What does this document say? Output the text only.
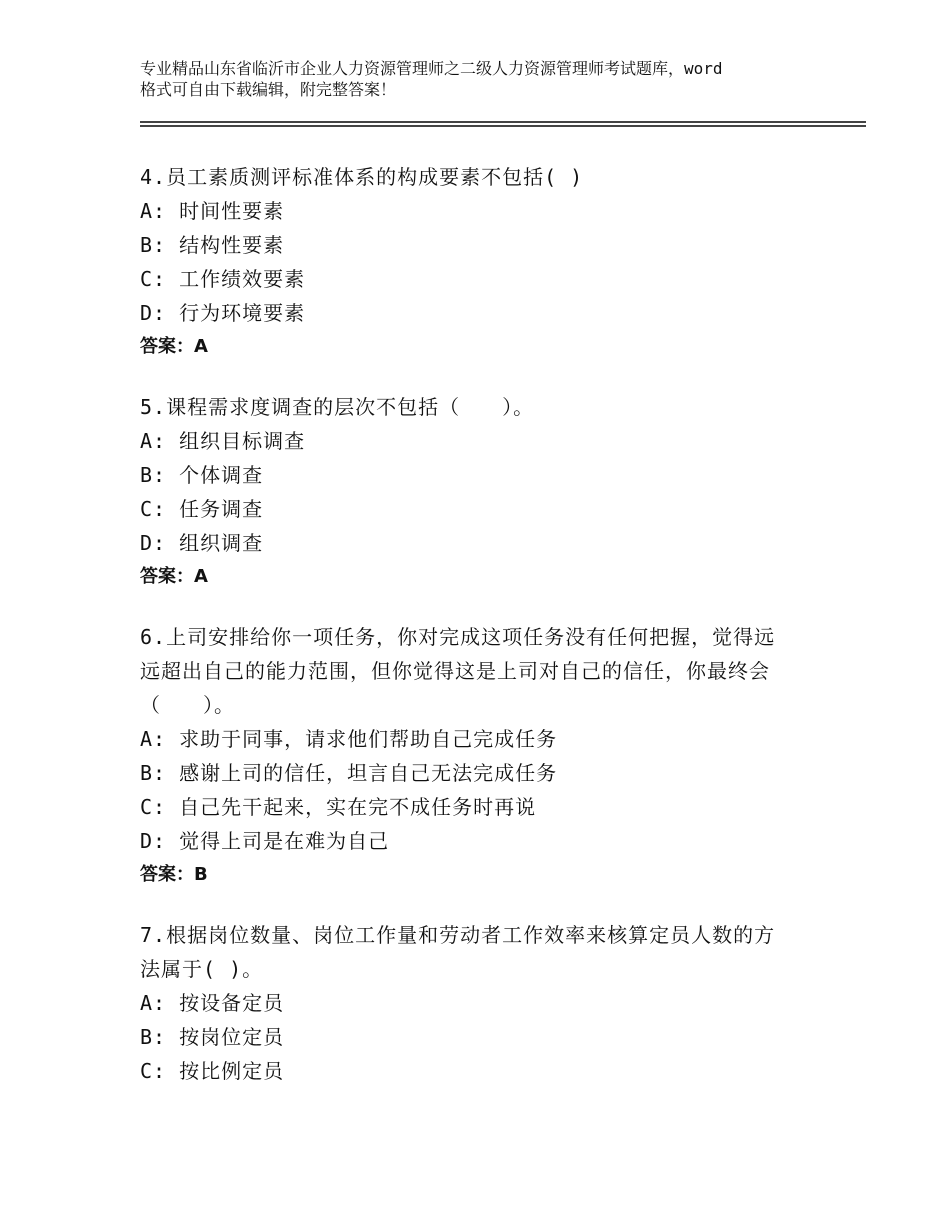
专业精品山东省临沂市企业人力资源管理师之二级人力资源管理师考试题库，word
格式可自由下载编辑，附完整答案！

4.员工素质测评标准体系的构成要素不包括( )

A: 时间性要素

B: 结构性要素

C: 工作绩效要素

D: 行为环境要素

答案：A

5.课程需求度调查的层次不包括（　　）。

A: 组织目标调查

B: 个体调查

C: 任务调查

D: 组织调查

答案：A

6.上司安排给你一项任务，你对完成这项任务没有任何把握，觉得远

远超出自己的能力范围，但你觉得这是上司对自己的信任，你最终会

（　　）。

A: 求助于同事，请求他们帮助自己完成任务

B: 感谢上司的信任，坦言自己无法完成任务

C: 自己先干起来，实在完不成任务时再说

D: 觉得上司是在难为自己

答案：B

7.根据岗位数量、岗位工作量和劳动者工作效率来核算定员人数的方

法属于( )。

A: 按设备定员

B: 按岗位定员

C: 按比例定员
